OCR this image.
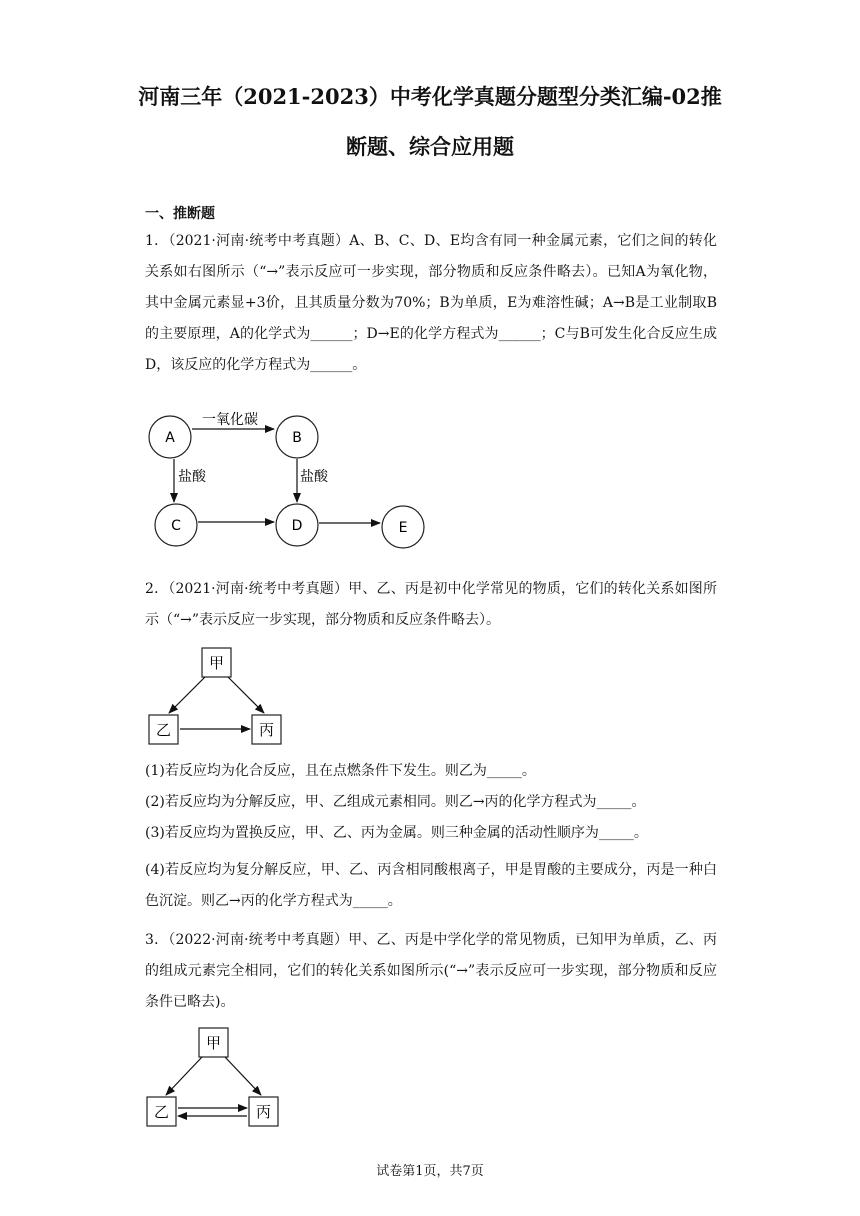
河南三年（2021-2023）中考化学真题分题型分类汇编-02推
断题、综合应用题
一、推断题
1．（2021·河南·统考中考真题）A、B、C、D、E均含有同一种金属元素，它们之间的转化关系如右图所示（“→”表示反应可一步实现，部分物质和反应条件略去）。已知A为氧化物，其中金属元素显+3价，且其质量分数为70%；B为单质，E为难溶性碱；A→B是工业制取B的主要原理，A的化学式为______；D→E的化学方程式为______；C与B可发生化合反应生成D，该反应的化学方程式为______。
A	B
C	D	E
一氧化碳
盐酸	盐酸
2．（2021·河南·统考中考真题）甲、乙、丙是初中化学常见的物质，它们的转化关系如图所示（“→”表示反应一步实现，部分物质和反应条件略去）。
甲
乙	丙
(1)若反应均为化合反应，且在点燃条件下发生。则乙为_____。
(2)若反应均为分解反应，甲、乙组成元素相同。则乙→丙的化学方程式为_____。
(3)若反应均为置换反应，甲、乙、丙为金属。则三种金属的活动性顺序为_____。
(4)若反应均为复分解反应，甲、乙、丙含相同酸根离子，甲是胃酸的主要成分，丙是一种白色沉淀。则乙→丙的化学方程式为_____。
3．（2022·河南·统考中考真题）甲、乙、丙是中学化学的常见物质，已知甲为单质，乙、丙的组成元素完全相同，它们的转化关系如图所示(“→”表示反应可一步实现，部分物质和反应条件已略去)。
甲
乙	丙
试卷第1页，共7页
